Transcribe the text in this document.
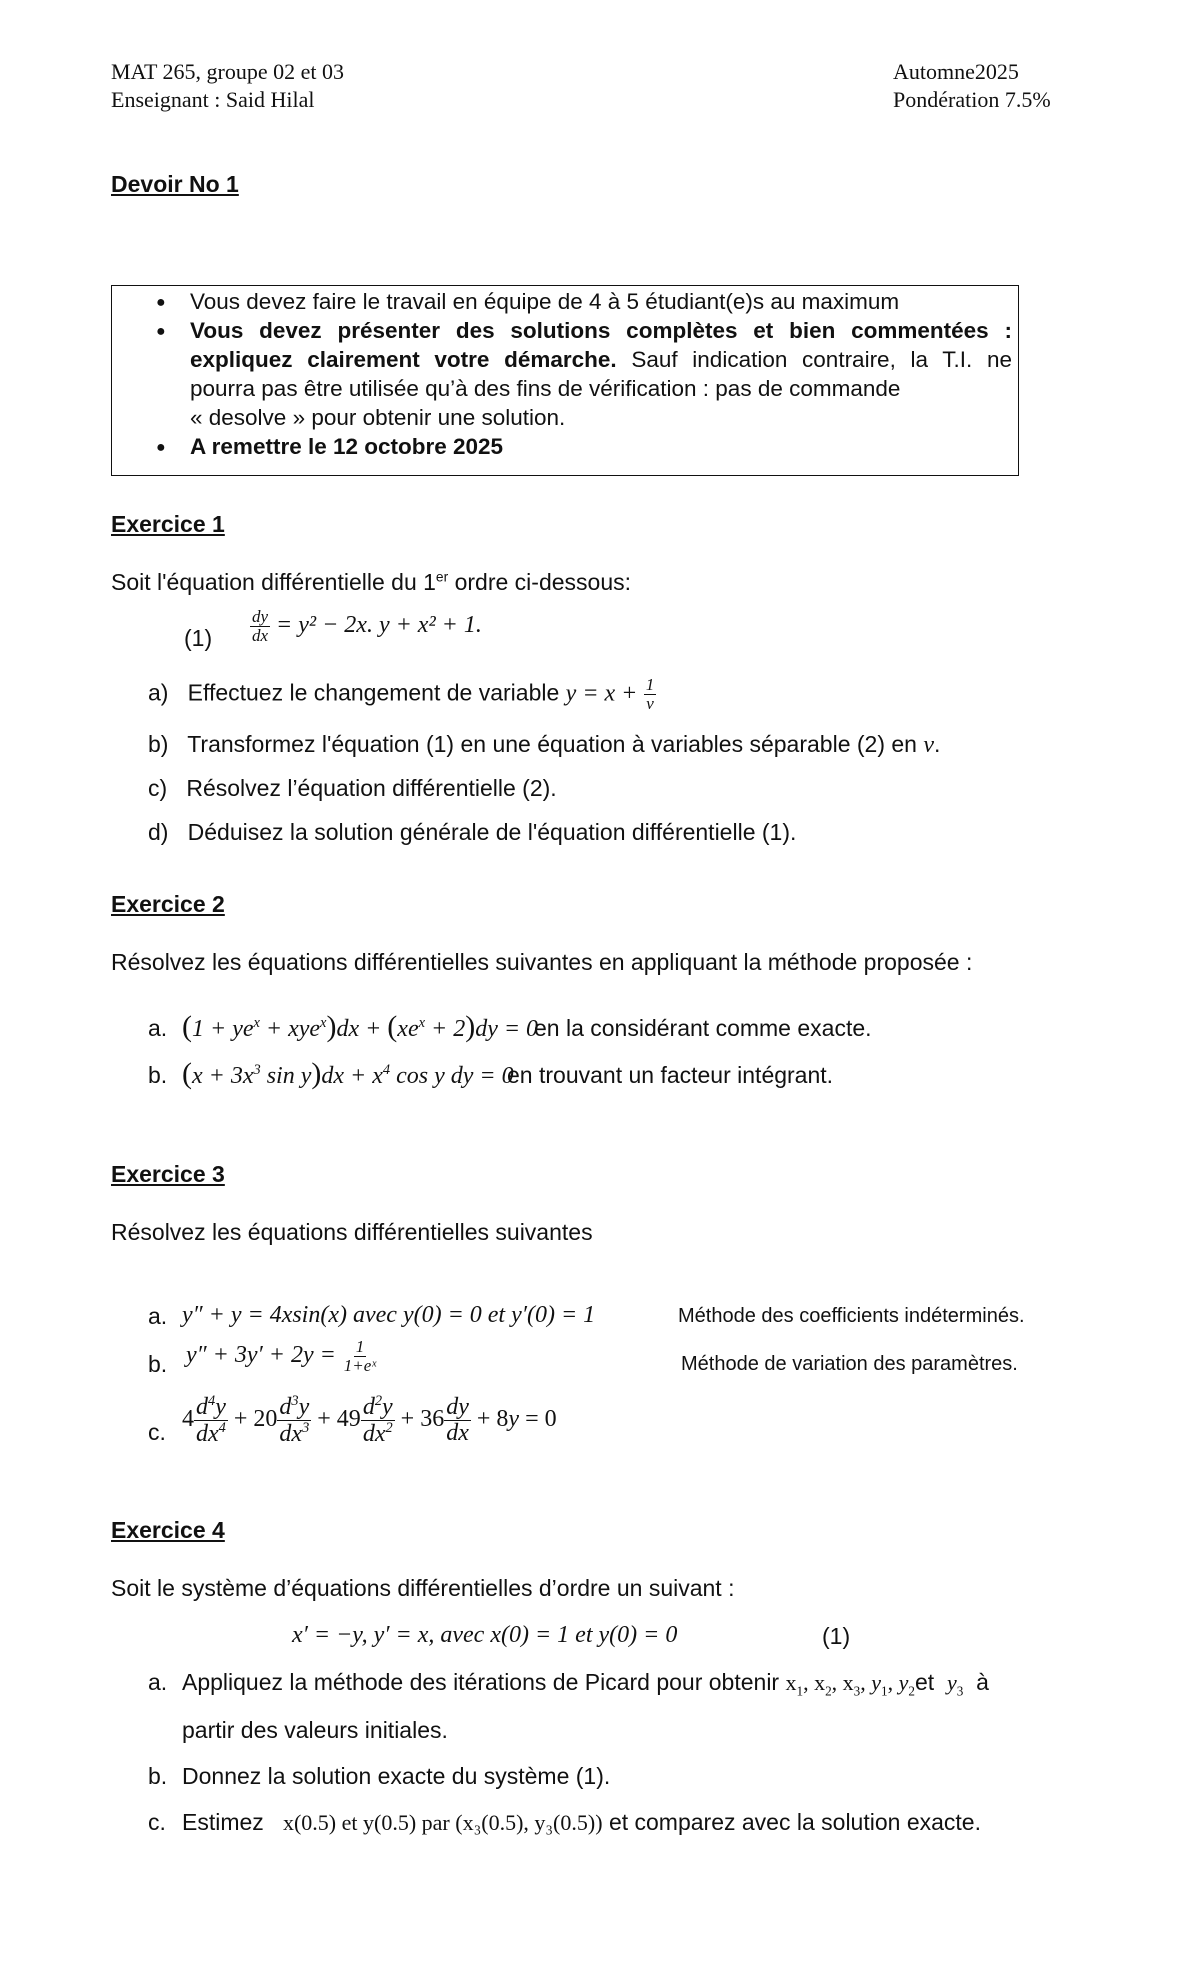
MAT 265, groupe 02 et 03
Enseignant : Said Hilal
Automne2025
Pondération 7.5%
Devoir No 1
● Vous devez faire le travail en équipe de 4 à 5 étudiant(e)s au maximum
● Vous devez présenter des solutions complètes et bien commentées :
expliquez clairement votre démarche. Sauf indication contraire, la T.I. ne
pourra pas être utilisée qu’à des fins de vérification : pas de commande
« desolve » pour obtenir une solution.
● A remettre le 12 octobre 2025
Exercice 1
Soit l'équation différentielle du 1er ordre ci-dessous:
$(1) \frac{dy}{dx} = y^2 - 2x$. y + x² + 1.
a) Effectuez le changement de variable $y = x + \frac{1}{v}$
b) Transformez l'équation (1) en une équation à variables séparable (2) en v.
c) Résolvez l’équation différentielle (2).
d) Déduisez la solution générale de l'équation différentielle (1).
Exercice 2
Résolvez les équations différentielles suivantes en appliquant la méthode proposée :
a. $(1 + ye^x + xye^x)dx + (xe^x + 2)dy = 0$
en la considérant comme exacte.
b. ($x + 3x^3$ $\sin y)dx + x^4$ cos y dy = 0
en trouvant un facteur intégrant.
Exercice 3
Résolvez les équations différentielles suivantes
a. y″ + y = 4xsin(x) avec y(0) = 0 et y′(0) = 1	Méthode des coefficients indéterminés.
b. $y'' + 3y' + 2y = \frac{1}{\text{1+eˣ}}$	Méthode de variation des paramètres.
c. $4 \frac{d^4y}{dx^4} + 20 \frac{d^3y}{dx^3} + 49 \frac{d^2y}{dx^2} + 36 \frac{dy}{dx} + 8y = 0$
Exercice 4
Soit le système d’équations différentielles d’ordre un suivant :
x′ = −y, y′ = x, avec x(0) = 1 et y(0) = 0	(1)
a. Appliquez la méthode des itérations de Picard pour obtenir $x_1$, $x_2$, $x_3$, $y_1$, $y_2et$  $y_3$  à
partir des valeurs initiales.
b. Donnez la solution exacte du système (1).
c. Estimez x(0.5) et y(0.5) par (x₃(0.5), y₃(0.5)) et comparez avec la solution exacte.
